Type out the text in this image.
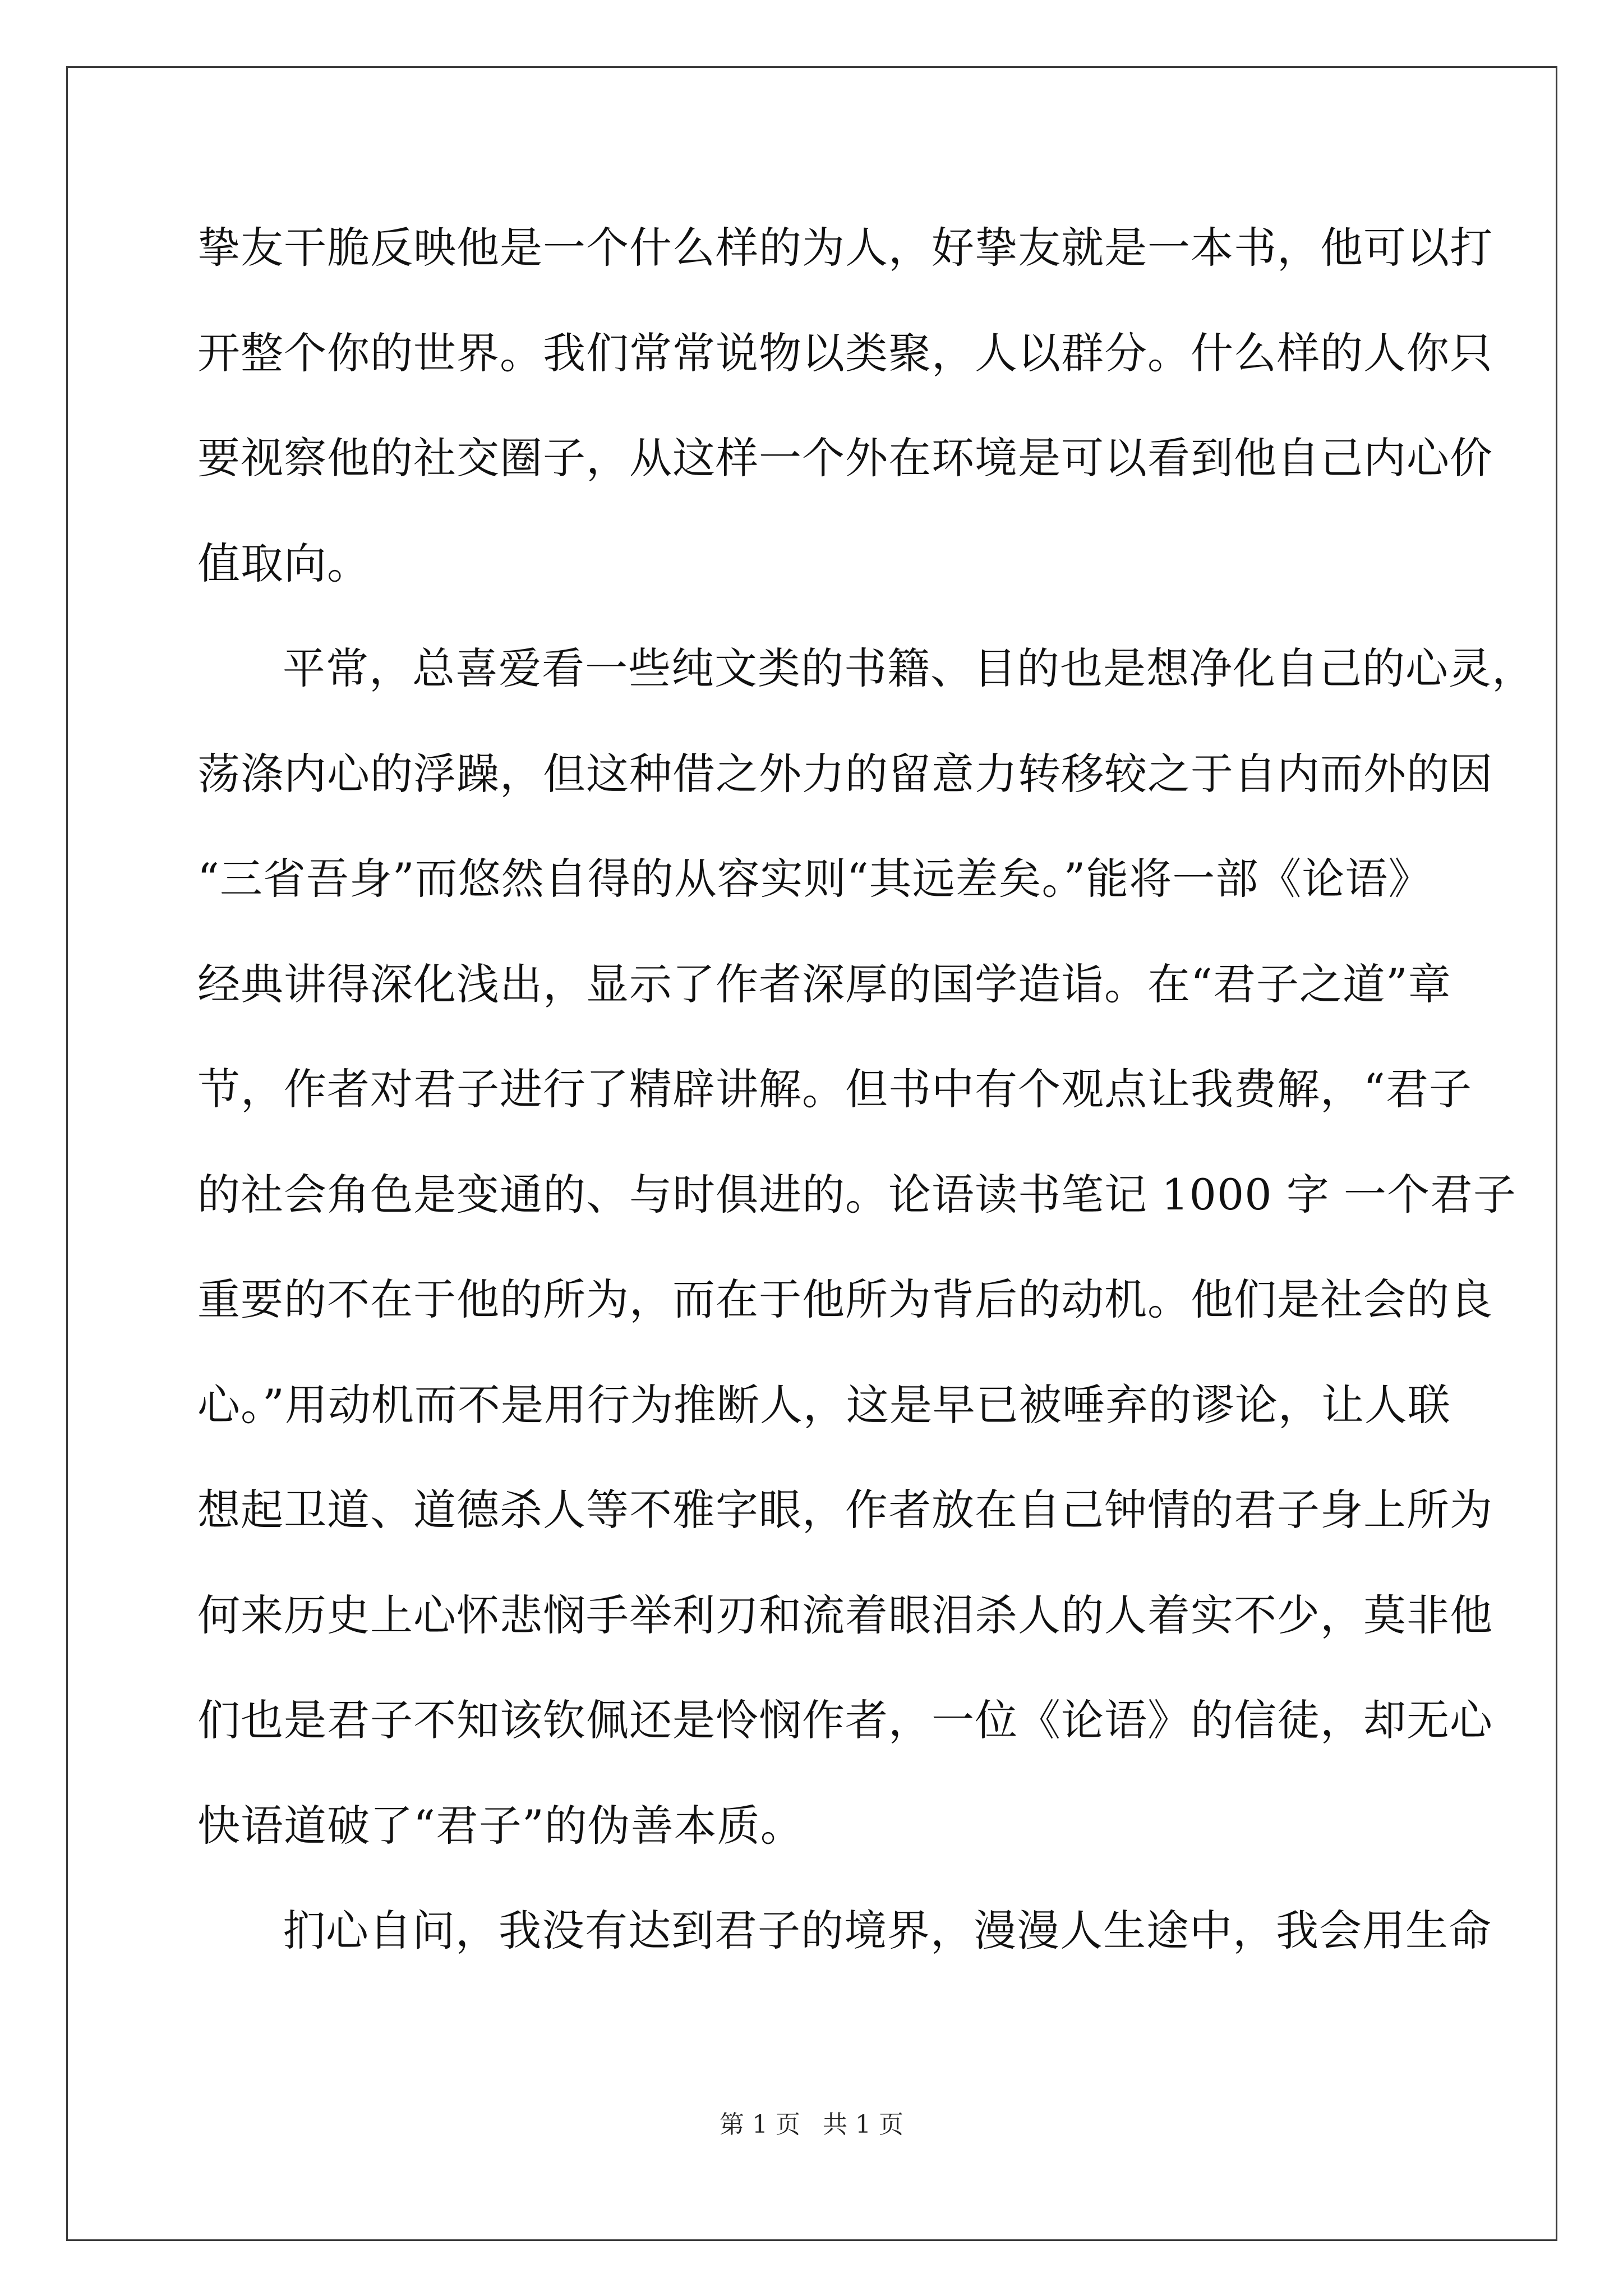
挚友干脆反映他是一个什么样的为人，好挚友就是一本书，他可以打
开整个你的世界。我们常常说物以类聚，人以群分。什么样的人你只
要视察他的社交圈子，从这样一个外在环境是可以看到他自己内心价
值取向。
平常，总喜爱看一些纯文类的书籍、目的也是想净化自己的心灵，
荡涤内心的浮躁，但这种借之外力的留意力转移较之于自内而外的因
“三省吾身”而悠然自得的从容实则“其远差矣。”能将一部《论语》
经典讲得深化浅出，显示了作者深厚的国学造诣。在“君子之道”章
节，作者对君子进行了精辟讲解。但书中有个观点让我费解，“君子
的社会角色是变通的、与时俱进的。论语读书笔记 1000 字 一个君子
重要的不在于他的所为，而在于他所为背后的动机。他们是社会的良
心。”用动机而不是用行为推断人，这是早已被唾弃的谬论，让人联
想起卫道、道德杀人等不雅字眼，作者放在自己钟情的君子身上所为
何来历史上心怀悲悯手举利刃和流着眼泪杀人的人着实不少，莫非他
们也是君子不知该钦佩还是怜悯作者，一位《论语》的信徒，却无心
快语道破了“君子”的伪善本质。
扪心自问，我没有达到君子的境界，漫漫人生途中，我会用生命
第 1 页 共 1 页
